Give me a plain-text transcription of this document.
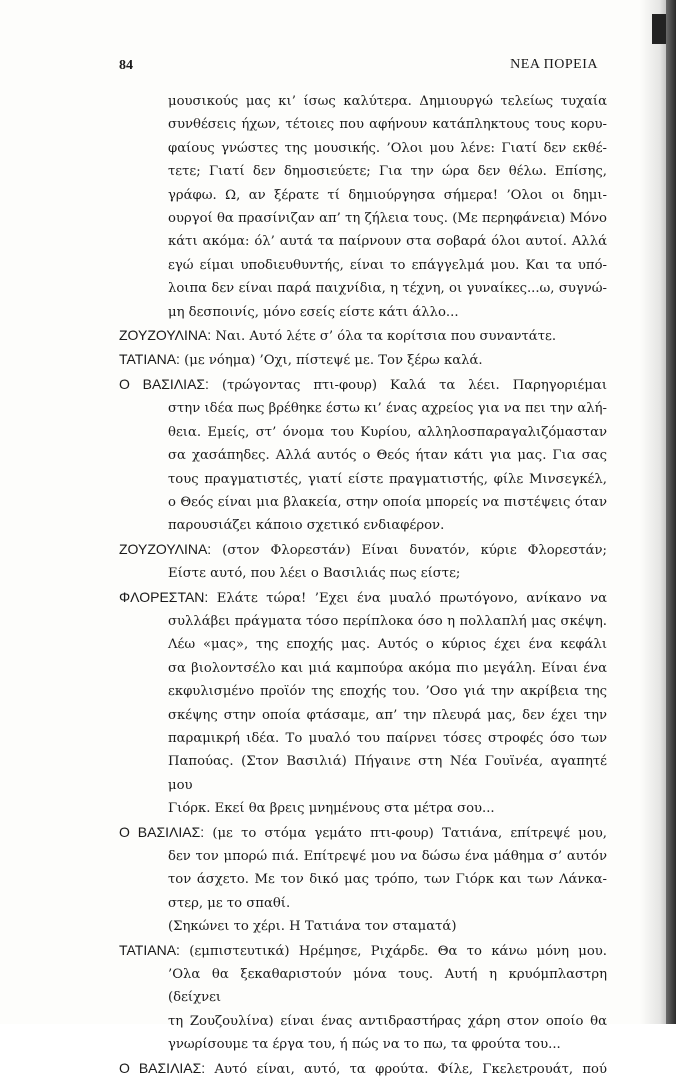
84	ΝΕΑ ΠΟΡΕΙΑ

μουσικούς μας κι’ ίσως καλύτερα. Δημιουργώ τελείως τυχαία

συνθέσεις ήχων, τέτοιες που αφήνουν κατάπληκτους τους κορυ-

φαίους γνώστες της μουσικής. ’Ολοι μου λένε: Γιατί δεν εκθέ-

τετε; Γιατί δεν δημοσιεύετε; Για την ώρα δεν θέλω. Επίσης,

γράφω. Ω, αν ξέρατε τί δημιούργησα σήμερα! ’Ολοι οι δημι-

ουργοί θα πρασίνιζαν απ’ τη ζήλεια τους. (Με περηφάνεια) Μόνο

κάτι ακόμα: όλ’ αυτά τα παίρνουν στα σοβαρά όλοι αυτοί. Αλλά

εγώ είμαι υποδιευθυντής, είναι το επάγγελμά μου. Και τα υπό-

λοιπα δεν είναι παρά παιχνίδια, η τέχνη, οι γυναίκες...ω, συγνώ-

μη δεσποινίς, μόνο εσείς είστε κάτι άλλο...

ΖΟΥΖΟΥΛΙΝΑ: Ναι. Αυτό λέτε σ’ όλα τα κορίτσια που συναντάτε.

ΤΑΤΙΑΝΑ: (με νόημα) ’Οχι, πίστεψέ με. Τον ξέρω καλά.

Ο ΒΑΣΙΛΙΑΣ: (τρώγοντας πτι-φουρ) Καλά τα λέει. Παρηγοριέμαι

στην ιδέα πως βρέθηκε έστω κι’ ένας αχρείος για να πει την αλή-

θεια. Εμείς, στ’ όνομα του Κυρίου, αλληλοσπαραγαλιζόμασταν

σα χασάπηδες. Αλλά αυτός ο Θεός ήταν κάτι για μας. Για σας

τους πραγματιστές, γιατί είστε πραγματιστής, φίλε Μινσεγκέλ,

ο Θεός είναι μια βλακεία, στην οποία μπορείς να πιστέψεις όταν

παρουσιάζει κάποιο σχετικό ενδιαφέρον.

ΖΟΥΖΟΥΛΙΝΑ: (στον Φλορεστάν) Είναι δυνατόν, κύριε Φλορεστάν;

Είστε αυτό, που λέει ο Βασιλιάς πως είστε;

ΦΛΟΡΕΣΤΑΝ: Ελάτε τώρα! ’Εχει ένα μυαλό πρωτόγονο, ανίκανο να

συλλάβει πράγματα τόσο περίπλοκα όσο η πολλαπλή μας σκέψη.

Λέω «μας», της εποχής μας. Αυτός ο κύριος έχει ένα κεφάλι

σα βιολοντσέλο και μιά καμπούρα ακόμα πιο μεγάλη. Είναι ένα

εκφυλισμένο προϊόν της εποχής του. ’Οσο γιά την ακρίβεια της

σκέψης στην οποία φτάσαμε, απ’ την πλευρά μας, δεν έχει την

παραμικρή ιδέα. Το μυαλό του παίρνει τόσες στροφές όσο των

Παπούας. (Στον Βασιλιά) Πήγαινε στη Νέα Γουϊνέα, αγαπητέ μου

Γιόρκ. Εκεί θα βρεις μνημένους στα μέτρα σου...

Ο ΒΑΣΙΛΙΑΣ: (με το στόμα γεμάτο πτι-φουρ) Τατιάνα, επίτρεψέ μου,

δεν τον μπορώ πιά. Επίτρεψέ μου να δώσω ένα μάθημα σ’ αυτόν

τον άσχετο. Με τον δικό μας τρόπο, των Γιόρκ και των Λάνκα-

στερ, με το σπαθί.

(Σηκώνει το χέρι. Η Τατιάνα τον σταματά)

ΤΑΤΙΑΝΑ: (εμπιστευτικά) Ηρέμησε, Ριχάρδε. Θα το κάνω μόνη μου.

’Ολα θα ξεκαθαριστούν μόνα τους. Αυτή η κρυόμπλαστρη (δείχνει

τη Ζουζουλίνα) είναι ένας αντιδραστήρας χάρη στον οποίο θα

γνωρίσουμε τα έργα του, ή πώς να το πω, τα φρούτα του...

Ο ΒΑΣΙΛΙΑΣ: Αυτό είναι, αυτό, τα φρούτα. Φίλε, Γκελετρουάτ, πού
